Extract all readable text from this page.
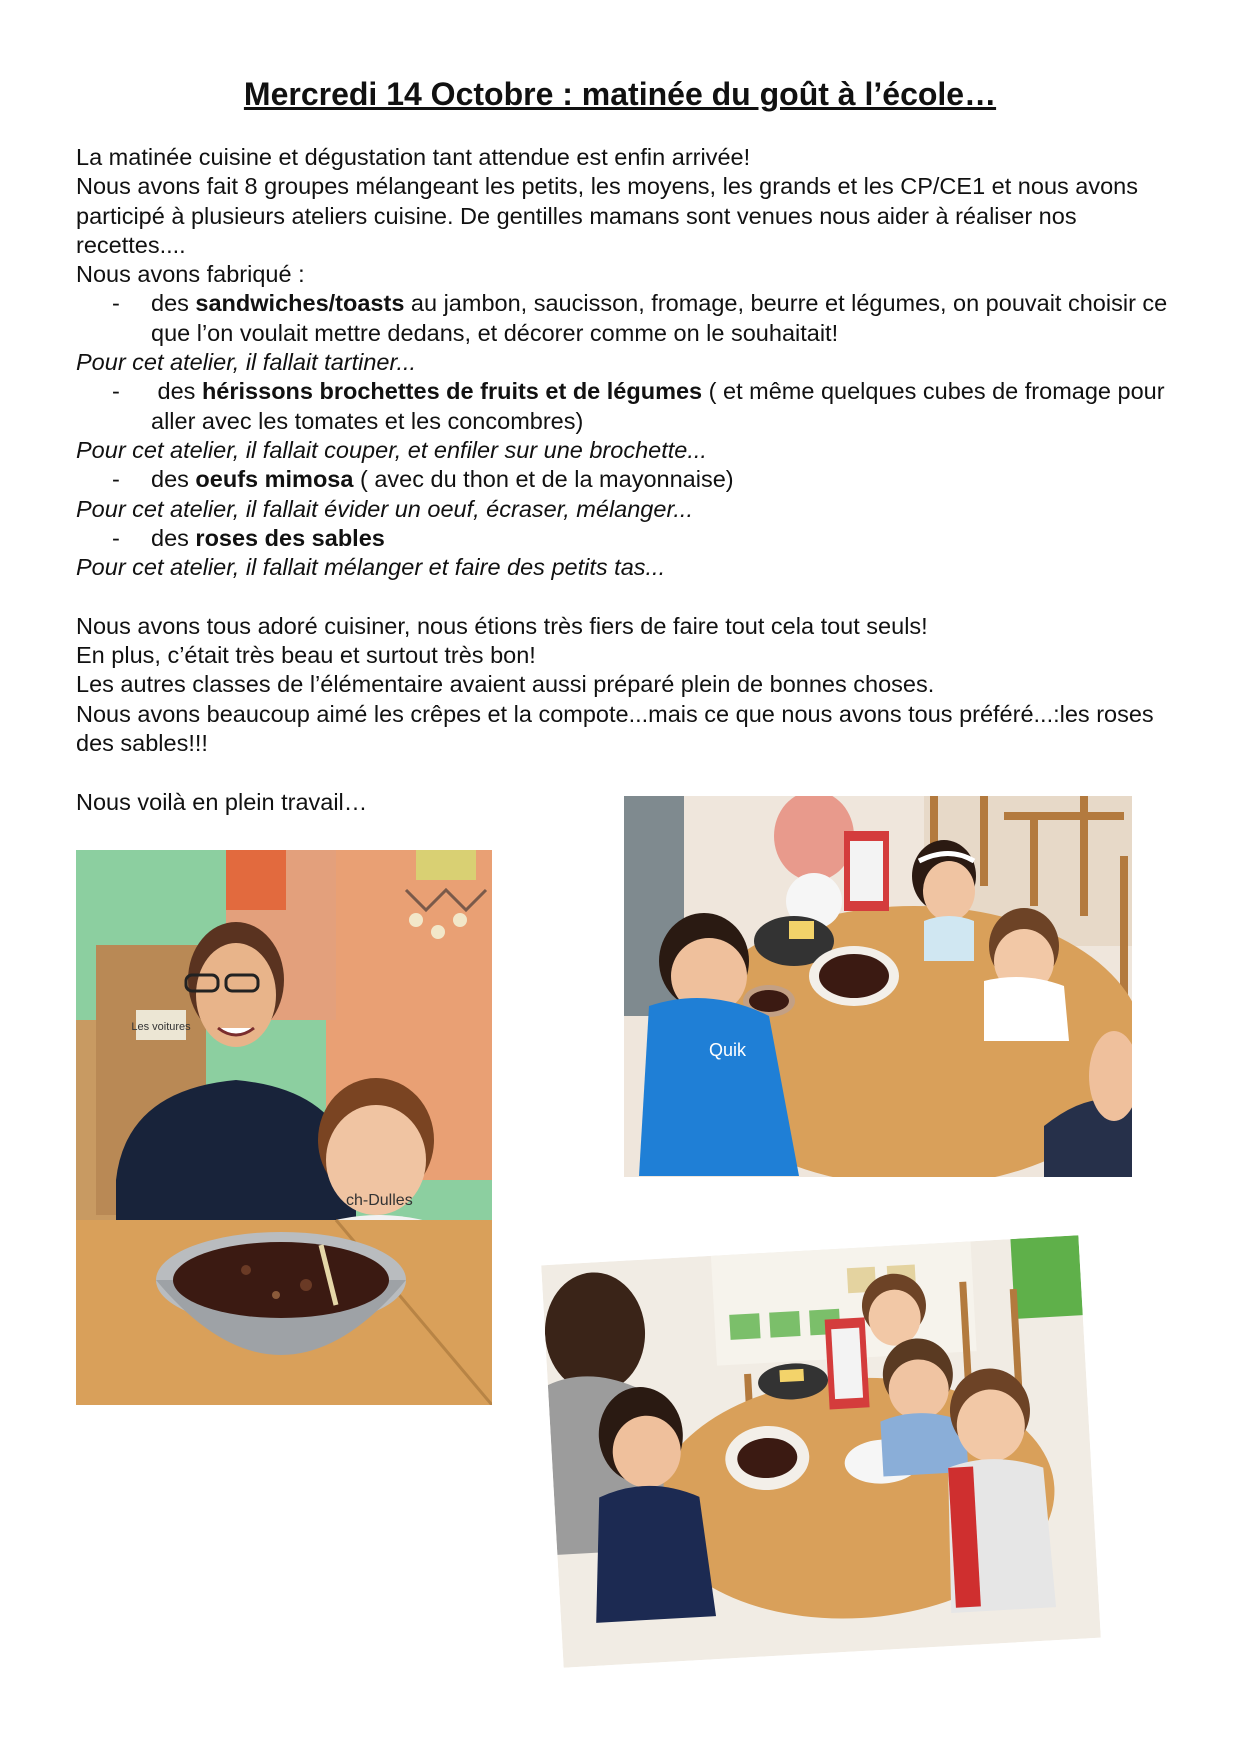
Mercredi 14 Octobre : matinée du goût à l’école…

La matinée cuisine et dégustation tant attendue est enfin arrivée!

Nous avons fait 8 groupes mélangeant les petits, les moyens, les grands et les CP/CE1 et nous avons participé à plusieurs ateliers cuisine. De gentilles mamans sont venues nous aider à réaliser nos recettes....

Nous avons fabriqué :

- des sandwiches/toasts au jambon, saucisson, fromage, beurre et légumes, on pouvait choisir ce que l’on voulait mettre dedans, et décorer comme on le souhaitait!

Pour cet atelier, il fallait tartiner...

- des hérissons brochettes de fruits et de légumes ( et même quelques cubes de fromage pour aller avec les tomates et les concombres)

Pour cet atelier, il fallait couper, et enfiler sur une brochette...

- des oeufs mimosa ( avec du thon et de la mayonnaise)

Pour cet atelier, il fallait évider un oeuf, écraser, mélanger...

- des roses des sables

Pour cet atelier, il fallait mélanger et faire des petits tas...

Nous avons tous adoré cuisiner, nous étions très fiers de faire tout cela tout seuls!

En plus, c’était très beau et surtout très bon!

Les autres classes de l’élémentaire avaient aussi préparé plein de bonnes choses.

Nous avons beaucoup aimé les crêpes et la compote...mais ce que nous avons tous préféré...:les roses des sables!!!

Nous voilà en plein travail…

Les voitures
ch-Dulles
Quik
